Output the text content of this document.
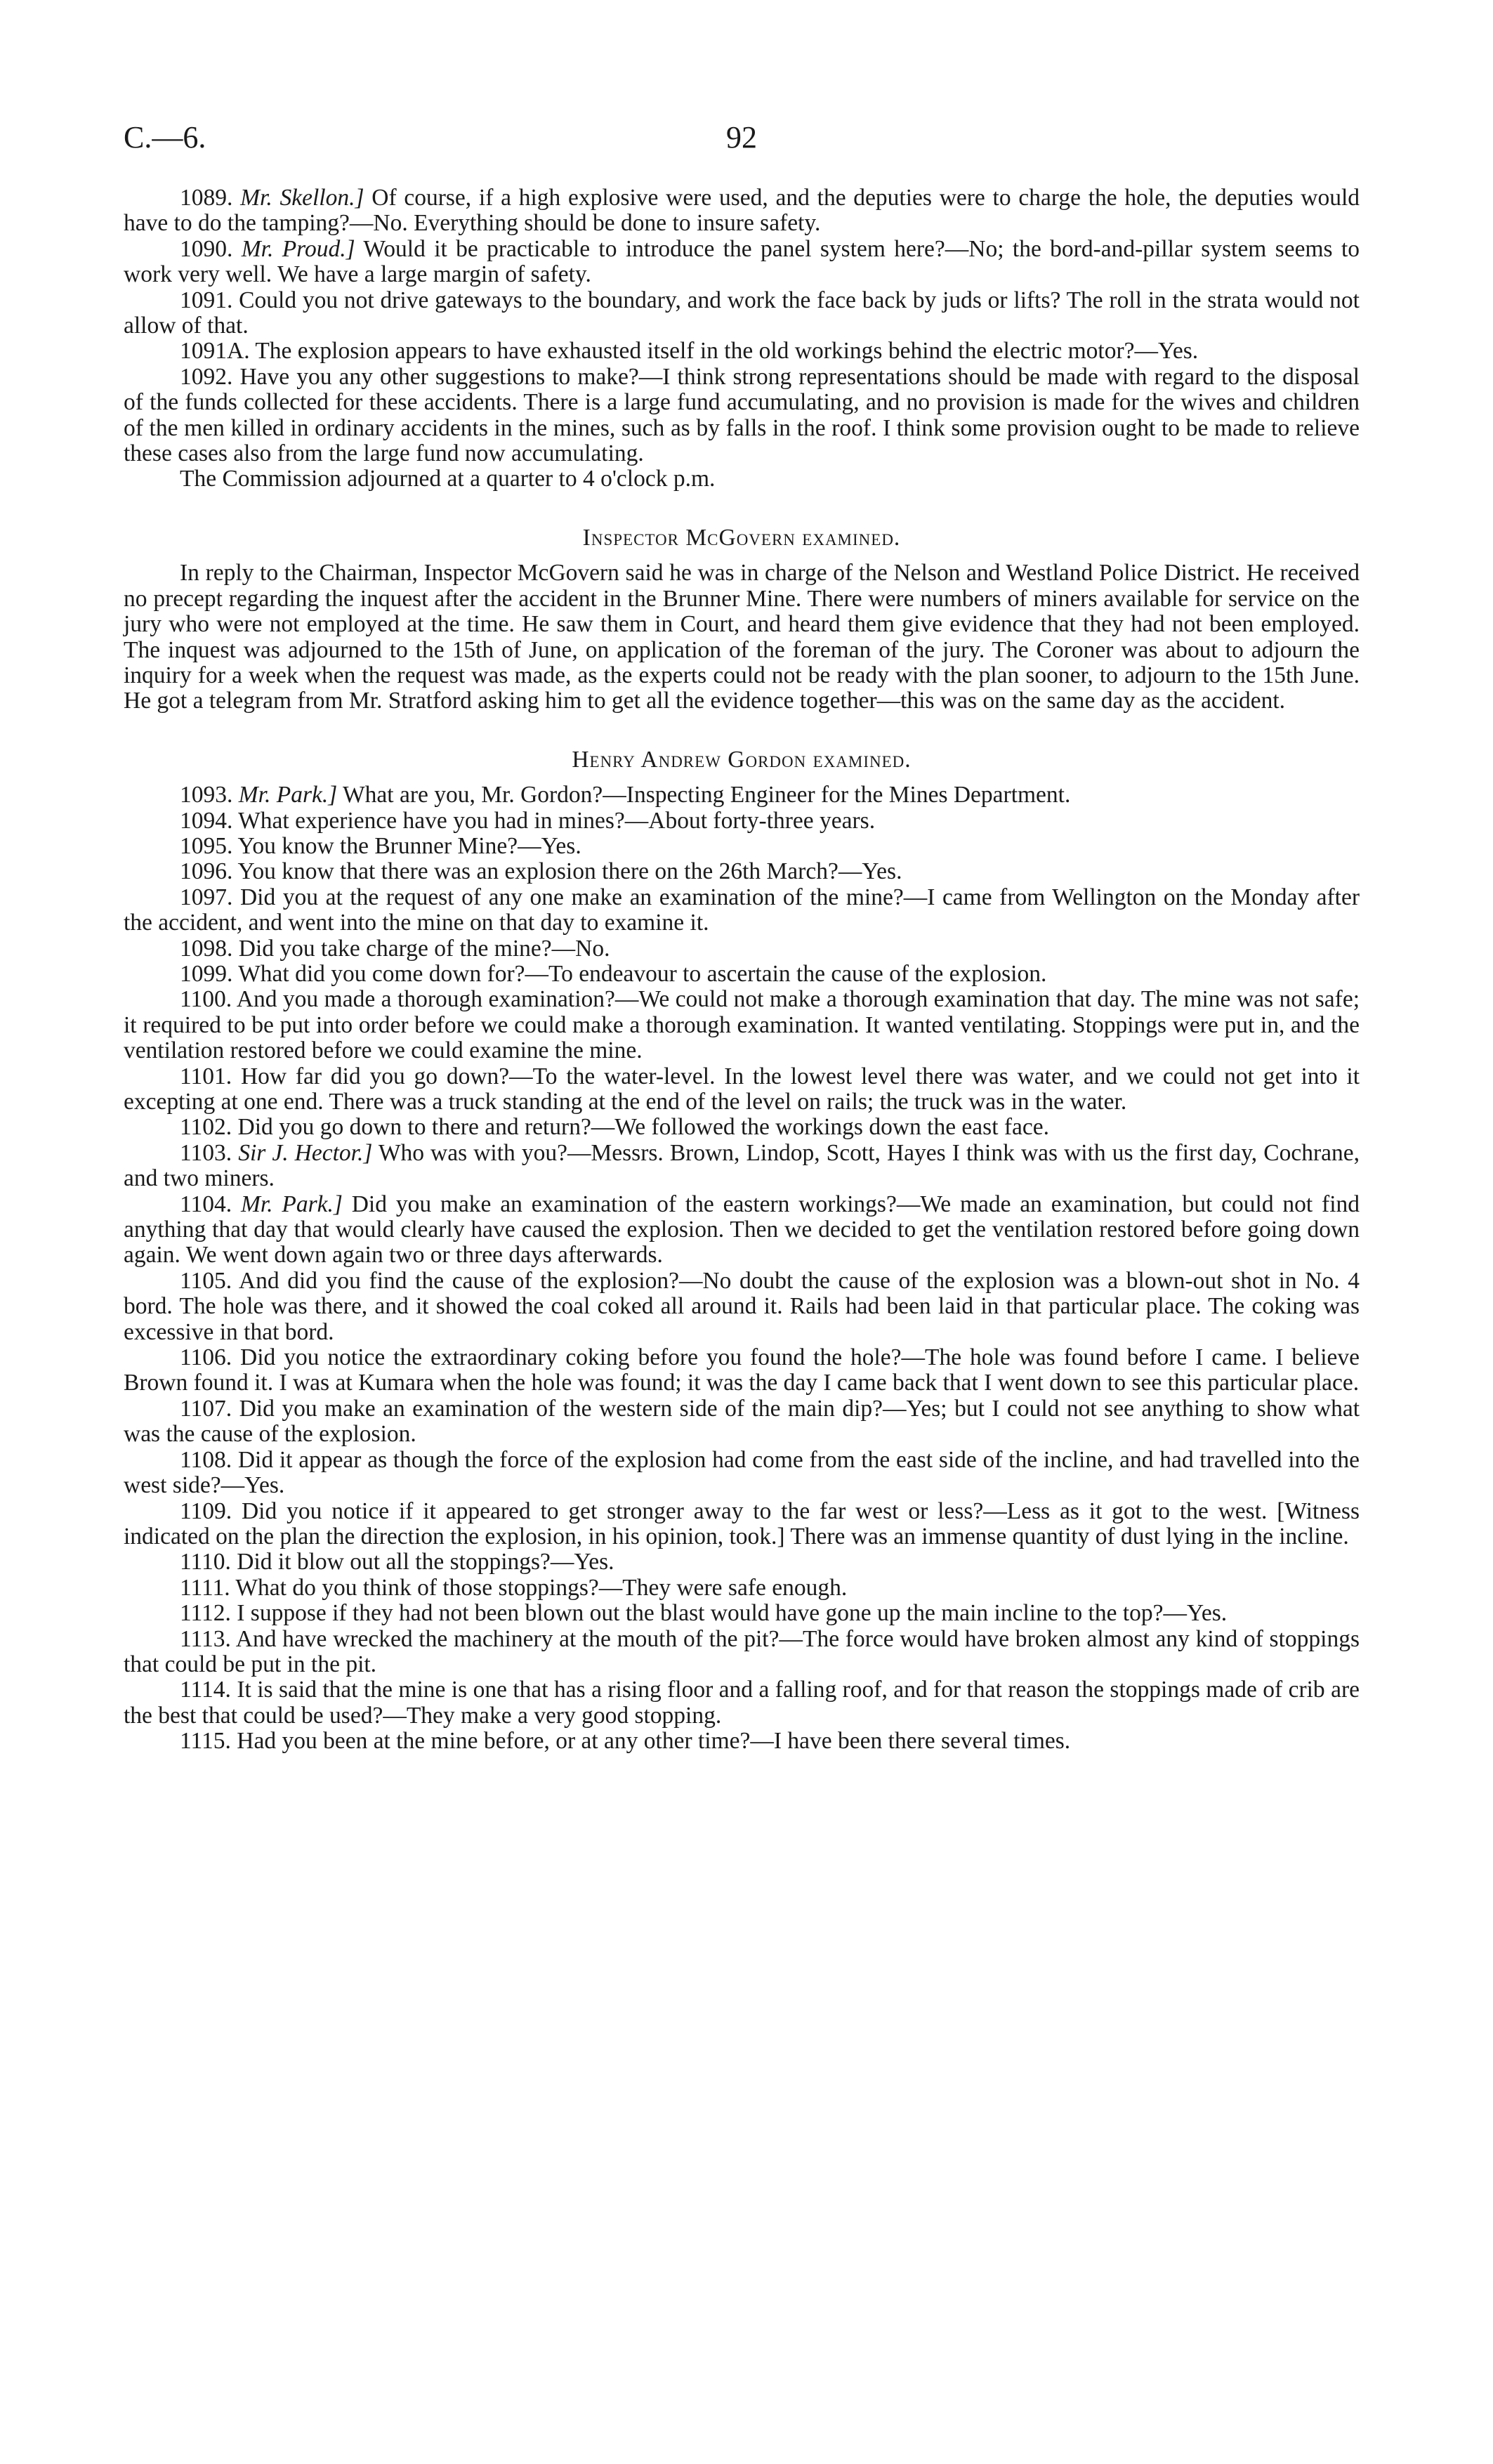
C.—6.	92

1089. Mr. Skellon.] Of course, if a high explosive were used, and the deputies were to charge the hole, the deputies would have to do the tamping?—No. Everything should be done to insure safety.

1090. Mr. Proud.] Would it be practicable to introduce the panel system here?—No; the bord-and-pillar system seems to work very well. We have a large margin of safety.

1091. Could you not drive gateways to the boundary, and work the face back by juds or lifts? The roll in the strata would not allow of that.

1091A. The explosion appears to have exhausted itself in the old workings behind the electric motor?—Yes.

1092. Have you any other suggestions to make?—I think strong representations should be made with regard to the disposal of the funds collected for these accidents. There is a large fund accumulating, and no provision is made for the wives and children of the men killed in ordinary accidents in the mines, such as by falls in the roof. I think some provision ought to be made to relieve these cases also from the large fund now accumulating.

The Commission adjourned at a quarter to 4 o'clock p.m.

Inspector McGovern examined.

In reply to the Chairman, Inspector McGovern said he was in charge of the Nelson and Westland Police District. He received no precept regarding the inquest after the accident in the Brunner Mine. There were numbers of miners available for service on the jury who were not employed at the time. He saw them in Court, and heard them give evidence that they had not been employed. The inquest was adjourned to the 15th of June, on application of the foreman of the jury. The Coroner was about to adjourn the inquiry for a week when the request was made, as the experts could not be ready with the plan sooner, to adjourn to the 15th June. He got a telegram from Mr. Stratford asking him to get all the evidence together—this was on the same day as the accident.

Henry Andrew Gordon examined.

1093. Mr. Park.] What are you, Mr. Gordon?—Inspecting Engineer for the Mines Department.

1094. What experience have you had in mines?—About forty-three years.

1095. You know the Brunner Mine?—Yes.

1096. You know that there was an explosion there on the 26th March?—Yes.

1097. Did you at the request of any one make an examination of the mine?—I came from Wellington on the Monday after the accident, and went into the mine on that day to examine it.

1098. Did you take charge of the mine?—No.

1099. What did you come down for?—To endeavour to ascertain the cause of the explosion.

1100. And you made a thorough examination?—We could not make a thorough examination that day. The mine was not safe; it required to be put into order before we could make a thorough examination. It wanted ventilating. Stoppings were put in, and the ventilation restored before we could examine the mine.

1101. How far did you go down?—To the water-level. In the lowest level there was water, and we could not get into it excepting at one end. There was a truck standing at the end of the level on rails; the truck was in the water.

1102. Did you go down to there and return?—We followed the workings down the east face.

1103. Sir J. Hector.] Who was with you?—Messrs. Brown, Lindop, Scott, Hayes I think was with us the first day, Cochrane, and two miners.

1104. Mr. Park.] Did you make an examination of the eastern workings?—We made an examination, but could not find anything that day that would clearly have caused the explosion. Then we decided to get the ventilation restored before going down again. We went down again two or three days afterwards.

1105. And did you find the cause of the explosion?—No doubt the cause of the explosion was a blown-out shot in No. 4 bord. The hole was there, and it showed the coal coked all around it. Rails had been laid in that particular place. The coking was excessive in that bord.

1106. Did you notice the extraordinary coking before you found the hole?—The hole was found before I came. I believe Brown found it. I was at Kumara when the hole was found; it was the day I came back that I went down to see this particular place.

1107. Did you make an examination of the western side of the main dip?—Yes; but I could not see anything to show what was the cause of the explosion.

1108. Did it appear as though the force of the explosion had come from the east side of the incline, and had travelled into the west side?—Yes.

1109. Did you notice if it appeared to get stronger away to the far west or less?—Less as it got to the west. [Witness indicated on the plan the direction the explosion, in his opinion, took.] There was an immense quantity of dust lying in the incline.

1110. Did it blow out all the stoppings?—Yes.

1111. What do you think of those stoppings?—They were safe enough.

1112. I suppose if they had not been blown out the blast would have gone up the main incline to the top?—Yes.

1113. And have wrecked the machinery at the mouth of the pit?—The force would have broken almost any kind of stoppings that could be put in the pit.

1114. It is said that the mine is one that has a rising floor and a falling roof, and for that reason the stoppings made of crib are the best that could be used?—They make a very good stopping.

1115. Had you been at the mine before, or at any other time?—I have been there several times.
